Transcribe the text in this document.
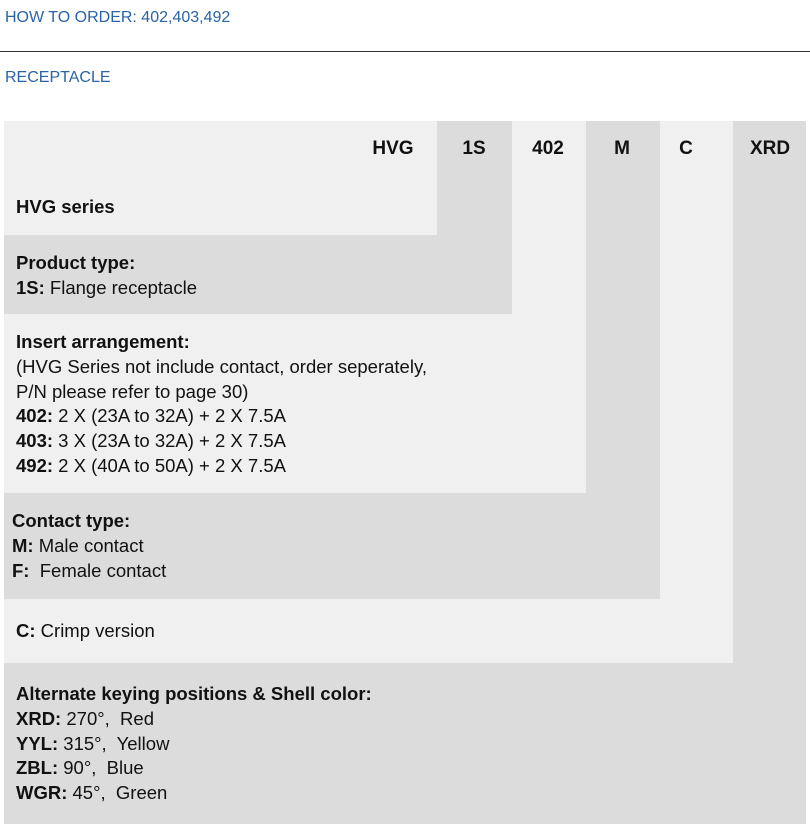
HOW TO ORDER: 402,403,492
RECEPTACLE
HVG	1S	402	M	C	XRD
HVG series
Product type:
1S: Flange receptacle
Insert arrangement:
(HVG Series not include contact, order seperately,
P/N please refer to page 30)
402: 2 X (23A to 32A) + 2 X 7.5A
403: 3 X (23A to 32A) + 2 X 7.5A
492: 2 X (40A to 50A) + 2 X 7.5A
Contact type:
M: Male contact
F:  Female contact
C: Crimp version
Alternate keying positions & Shell color:
XRD: 270°,  Red
YYL: 315°,  Yellow
ZBL: 90°,  Blue
WGR: 45°,  Green
